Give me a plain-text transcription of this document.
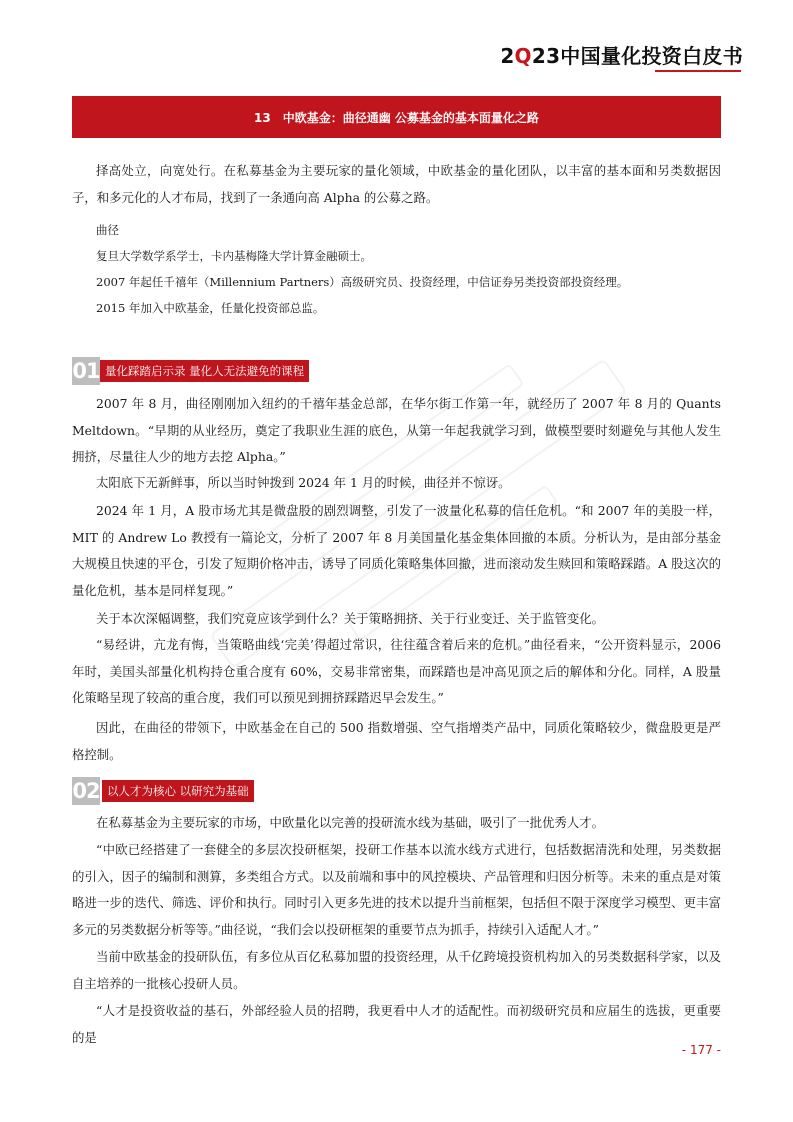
2Q23中国量化投资白皮书
13　中欧基金：曲径通幽 公募基金的基本面量化之路

择高处立，向宽处行。在私募基金为主要玩家的量化领域，中欧基金的量化团队，以丰富的基本面和另类数据因子，和多元化的人才布局，找到了一条通向高 Alpha 的公募之路。

曲径

复旦大学数学系学士，卡内基梅隆大学计算金融硕士。

2007 年起任千禧年（Millennium Partners）高级研究员、投资经理，中信证券另类投资部投资经理。

2015 年加入中欧基金，任量化投资部总监。

01 量化踩踏启示录 量化人无法避免的课程

2007 年 8 月，曲径刚刚加入纽约的千禧年基金总部，在华尔街工作第一年，就经历了 2007 年 8 月的 Quants Meltdown。“早期的从业经历，奠定了我职业生涯的底色，从第一年起我就学习到，做模型要时刻避免与其他人发生拥挤，尽量往人少的地方去挖 Alpha。”

太阳底下无新鲜事，所以当时钟拨到 2024 年 1 月的时候，曲径并不惊讶。

2024 年 1 月，A 股市场尤其是微盘股的剧烈调整，引发了一波量化私募的信任危机。“和 2007 年的美股一样，MIT 的 Andrew Lo 教授有一篇论文，分析了 2007 年 8 月美国量化基金集体回撤的本质。分析认为，是由部分基金大规模且快速的平仓，引发了短期价格冲击，诱导了同质化策略集体回撤，进而滚动发生赎回和策略踩踏。A 股这次的量化危机，基本是同样复现。”

关于本次深幅调整，我们究竟应该学到什么？关于策略拥挤、关于行业变迁、关于监管变化。

“易经讲，亢龙有悔，当策略曲线‘完美’得超过常识，往往蕴含着后来的危机。”曲径看来，“公开资料显示，2006 年时，美国头部量化机构持仓重合度有 60%，交易非常密集，而踩踏也是冲高见顶之后的解体和分化。同样，A 股量化策略呈现了较高的重合度，我们可以预见到拥挤踩踏迟早会发生。”

因此，在曲径的带领下，中欧基金在自己的 500 指数增强、空气指增类产品中，同质化策略较少，微盘股更是严格控制。

02 以人才为核心 以研究为基础

在私募基金为主要玩家的市场，中欧量化以完善的投研流水线为基础，吸引了一批优秀人才。

“中欧已经搭建了一套健全的多层次投研框架，投研工作基本以流水线方式进行，包括数据清洗和处理，另类数据的引入，因子的编制和测算，多类组合方式。以及前端和事中的风控模块、产品管理和归因分析等。未来的重点是对策略进一步的迭代、筛选、评价和执行。同时引入更多先进的技术以提升当前框架，包括但不限于深度学习模型、更丰富多元的另类数据分析等等。”曲径说，“我们会以投研框架的重要节点为抓手，持续引入适配人才。”

当前中欧基金的投研队伍，有多位从百亿私募加盟的投资经理，从千亿跨境投资机构加入的另类数据科学家，以及自主培养的一批核心投研人员。

“人才是投资收益的基石，外部经验人员的招聘，我更看中人才的适配性。而初级研究员和应届生的选拔，更重要的是

- 177 -
